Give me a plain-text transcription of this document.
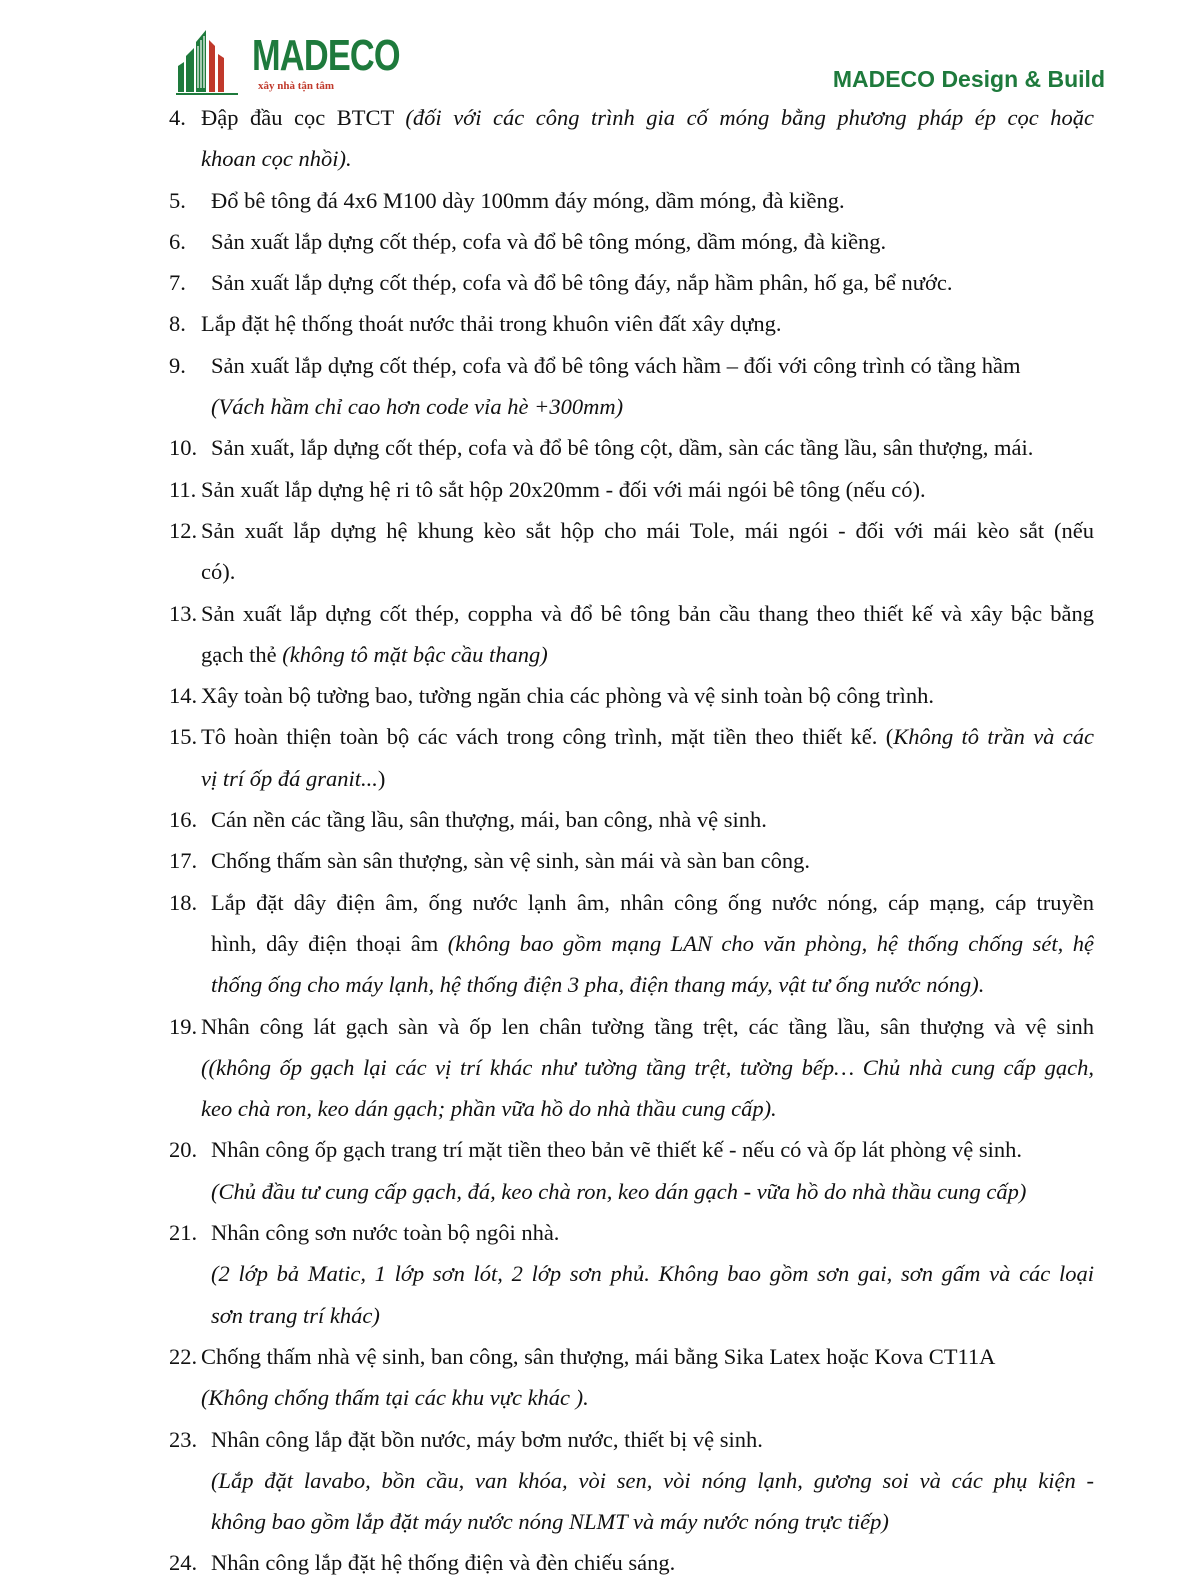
MADECO
xây nhà tận tâm	MADECO Design & Build
4. Đập đầu cọc BTCT (đối với các công trình gia cố móng bằng phương pháp ép cọc hoặc
khoan cọc nhồi).
5. Đổ bê tông đá 4x6 M100 dày 100mm đáy móng, dầm móng, đà kiềng.
6. Sản xuất lắp dựng cốt thép, cofa và đổ bê tông móng, dầm móng, đà kiềng.
7. Sản xuất lắp dựng cốt thép, cofa và đổ bê tông đáy, nắp hầm phân, hố ga, bể nước.
8. Lắp đặt hệ thống thoát nước thải trong khuôn viên đất xây dựng.
9. Sản xuất lắp dựng cốt thép, cofa và đổ bê tông vách hầm – đối với công trình có tầng hầm
(Vách hầm chỉ cao hơn code vỉa hè +300mm)
10. Sản xuất, lắp dựng cốt thép, cofa và đổ bê tông cột, dầm, sàn các tầng lầu, sân thượng, mái.
11. Sản xuất lắp dựng hệ ri tô sắt hộp 20x20mm - đối với mái ngói bê tông (nếu có).
12. Sản xuất lắp dựng hệ khung kèo sắt hộp cho mái Tole, mái ngói - đối với mái kèo sắt (nếu
có).
13. Sản xuất lắp dựng cốt thép, coppha và đổ bê tông bản cầu thang theo thiết kế và xây bậc bằng
gạch thẻ (không tô mặt bậc cầu thang)
14. Xây toàn bộ tường bao, tường ngăn chia các phòng và vệ sinh toàn bộ công trình.
15. Tô hoàn thiện toàn bộ các vách trong công trình, mặt tiền theo thiết kế. (Không tô trần và các
vị trí ốp đá granit...)
16. Cán nền các tầng lầu, sân thượng, mái, ban công, nhà vệ sinh.
17. Chống thấm sàn sân thượng, sàn vệ sinh, sàn mái và sàn ban công.
18. Lắp đặt dây điện âm, ống nước lạnh âm, nhân công ống nước nóng, cáp mạng, cáp truyền
hình, dây điện thoại âm (không bao gồm mạng LAN cho văn phòng, hệ thống chống sét, hệ
thống ống cho máy lạnh, hệ thống điện 3 pha, điện thang máy, vật tư ống nước nóng).
19. Nhân công lát gạch sàn và ốp len chân tường tầng trệt, các tầng lầu, sân thượng và vệ sinh
((không ốp gạch lại các vị trí khác như tường tầng trệt, tường bếp… Chủ nhà cung cấp gạch,
keo chà ron, keo dán gạch; phần vữa hồ do nhà thầu cung cấp).
20. Nhân công ốp gạch trang trí mặt tiền theo bản vẽ thiết kế - nếu có và ốp lát phòng vệ sinh.
(Chủ đầu tư cung cấp gạch, đá, keo chà ron, keo dán gạch - vữa hồ do nhà thầu cung cấp)
21. Nhân công sơn nước toàn bộ ngôi nhà.
(2 lớp bả Matic, 1 lớp sơn lót, 2 lớp sơn phủ. Không bao gồm sơn gai, sơn gấm và các loại
sơn trang trí khác)
22. Chống thấm nhà vệ sinh, ban công, sân thượng, mái bằng Sika Latex hoặc Kova CT11A
(Không chống thấm tại các khu vực khác ).
23. Nhân công lắp đặt bồn nước, máy bơm nước, thiết bị vệ sinh.
(Lắp đặt lavabo, bồn cầu, van khóa, vòi sen, vòi nóng lạnh, gương soi và các phụ kiện -
không bao gồm lắp đặt máy nước nóng NLMT và máy nước nóng trực tiếp)
24. Nhân công lắp đặt hệ thống điện và đèn chiếu sáng.
